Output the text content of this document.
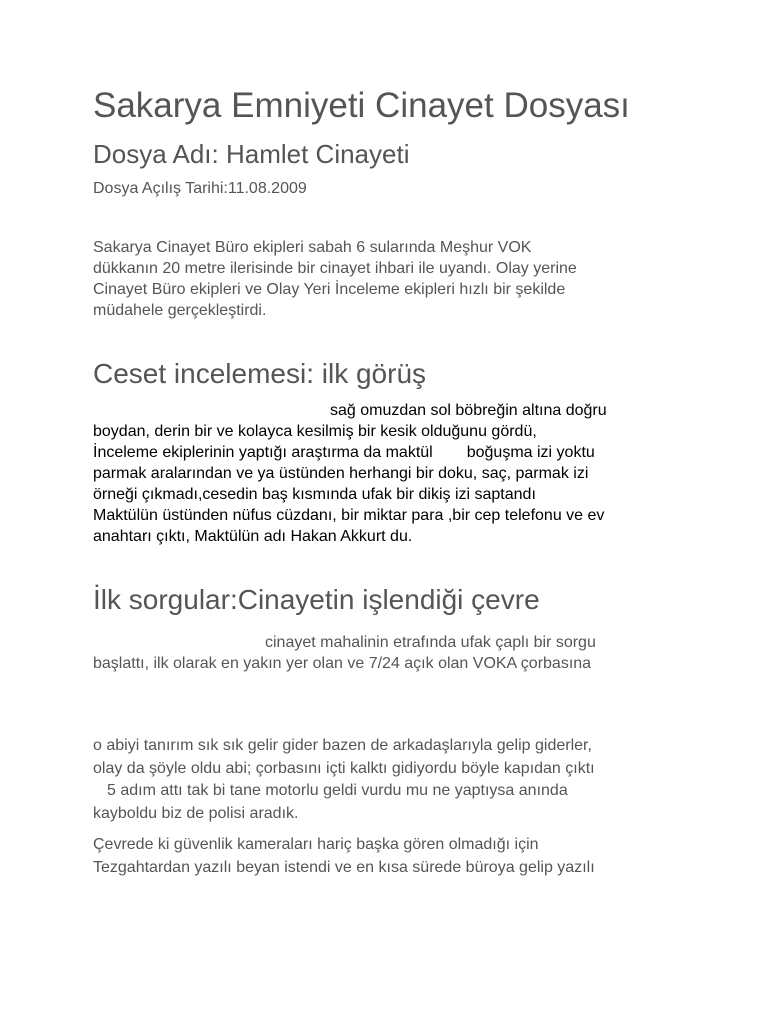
Sakarya Emniyeti Cinayet Dosyası
Dosya Adı: Hamlet Cinayeti
Dosya Açılış Tarihi:11.08.2009
Sakarya Cinayet Büro ekipleri sabah 6 sularında Meşhur VOK
dükkanın 20 metre ilerisinde bir cinayet ihbari ile uyandı. Olay yerine
Cinayet Büro ekipleri ve Olay Yeri İnceleme ekipleri hızlı bir şekilde
müdahele gerçekleştirdi.
Ceset incelemesi: ilk görüş
sağ omuzdan sol böbreğin altına doğru
boydan, derin bir ve kolayca kesilmiş bir kesik olduğunu gördü,
İnceleme ekiplerinin yaptığı araştırma da maktül boğuşma izi yoktu
parmak aralarından ve ya üstünden herhangi bir doku, saç, parmak izi
örneği çıkmadı,cesedin baş kısmında ufak bir dikiş izi saptandı
Maktülün üstünden nüfus cüzdanı, bir miktar para ,bir cep telefonu ve ev
anahtarı çıktı, Maktülün adı Hakan Akkurt du.
İlk sorgular:Cinayetin işlendiği çevre
cinayet mahalinin etrafında ufak çaplı bir sorgu
başlattı, ilk olarak en yakın yer olan ve 7/24 açık olan VOKA çorbasına
o abiyi tanırım sık sık gelir gider bazen de arkadaşlarıyla gelip giderler,
olay da şöyle oldu abi; çorbasını içti kalktı gidiyordu böyle kapıdan çıktı
5 adım attı tak bi tane motorlu geldi vurdu mu ne yaptıysa anında
kayboldu biz de polisi aradık.
Çevrede ki güvenlik kameraları hariç başka gören olmadığı için
Tezgahtardan yazılı beyan istendi ve en kısa sürede büroya gelip yazılı
